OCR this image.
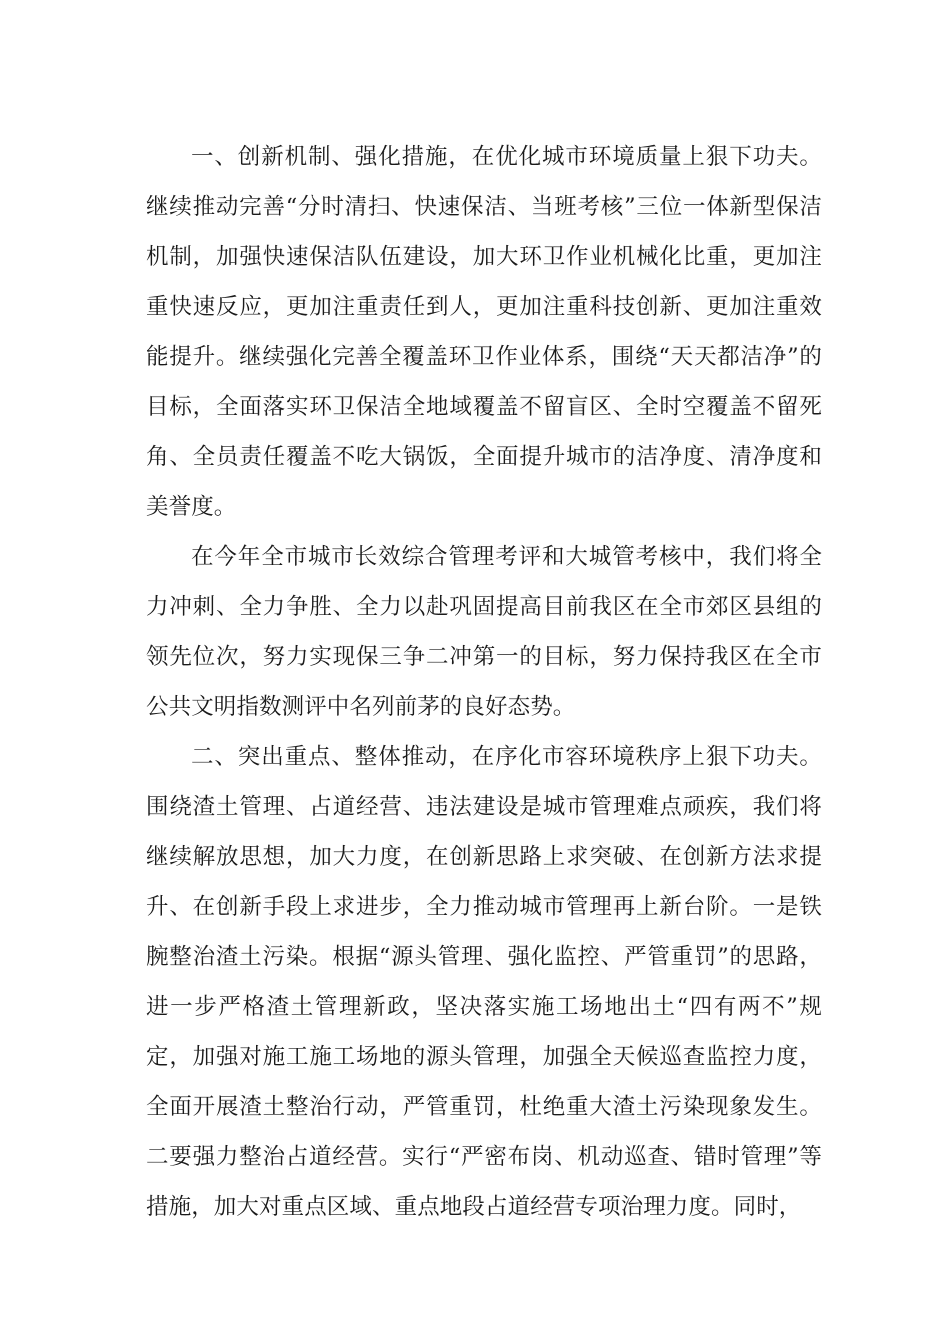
一、创新机制、强化措施，在优化城市环境质量上狠下功夫。继续推动完善“分时清扫、快速保洁、当班考核”三位一体新型保洁机制，加强快速保洁队伍建设，加大环卫作业机械化比重，更加注重快速反应，更加注重责任到人，更加注重科技创新、更加注重效能提升。继续强化完善全覆盖环卫作业体系，围绕“天天都洁净”的目标，全面落实环卫保洁全地域覆盖不留盲区、全时空覆盖不留死角、全员责任覆盖不吃大锅饭，全面提升城市的洁净度、清净度和美誉度。

在今年全市城市长效综合管理考评和大城管考核中，我们将全力冲刺、全力争胜、全力以赴巩固提高目前我区在全市郊区县组的领先位次，努力实现保三争二冲第一的目标，努力保持我区在全市公共文明指数测评中名列前茅的良好态势。

二、突出重点、整体推动，在序化市容环境秩序上狠下功夫。围绕渣土管理、占道经营、违法建设是城市管理难点顽疾，我们将继续解放思想，加大力度，在创新思路上求突破、在创新方法求提升、在创新手段上求进步，全力推动城市管理再上新台阶。一是铁腕整治渣土污染。根据“源头管理、强化监控、严管重罚”的思路，进一步严格渣土管理新政，坚决落实施工场地出土“四有两不”规定，加强对施工施工场地的源头管理，加强全天候巡查监控力度，全面开展渣土整治行动，严管重罚，杜绝重大渣土污染现象发生。二要强力整治占道经营。实行“严密布岗、机动巡查、错时管理”等措施，加大对重点区域、重点地段占道经营专项治理力度。同时，
